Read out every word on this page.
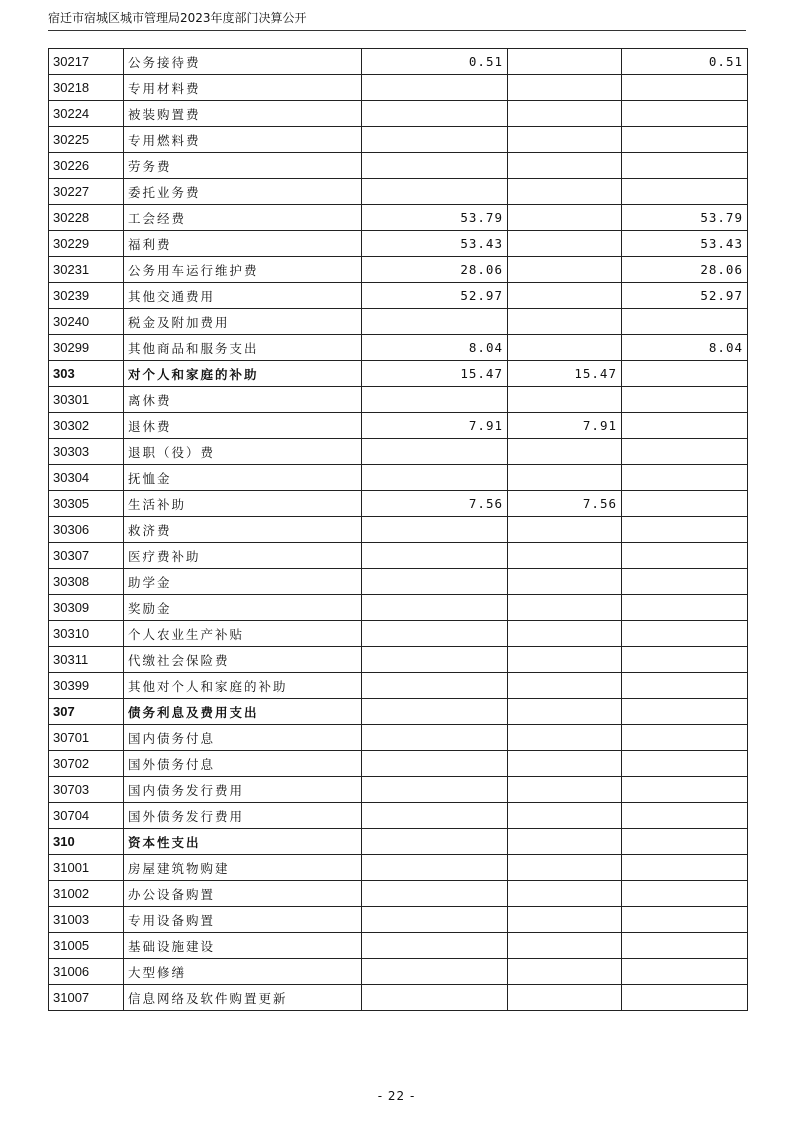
宿迁市宿城区城市管理局2023年度部门决算公开
30217	公务接待费	0.51		0.51
30218	专用材料费			
30224	被装购置费			
30225	专用燃料费			
30226	劳务费			
30227	委托业务费			
30228	工会经费	53.79		53.79
30229	福利费	53.43		53.43
30231	公务用车运行维护费	28.06		28.06
30239	其他交通费用	52.97		52.97
30240	税金及附加费用			
30299	其他商品和服务支出	8.04		8.04
303	对个人和家庭的补助	15.47	15.47	
30301	离休费			
30302	退休费	7.91	7.91	
30303	退职（役）费			
30304	抚恤金			
30305	生活补助	7.56	7.56	
30306	救济费			
30307	医疗费补助			
30308	助学金			
30309	奖励金			
30310	个人农业生产补贴			
30311	代缴社会保险费			
30399	其他对个人和家庭的补助			
307	债务利息及费用支出			
30701	国内债务付息			
30702	国外债务付息			
30703	国内债务发行费用			
30704	国外债务发行费用			
310	资本性支出			
31001	房屋建筑物购建			
31002	办公设备购置			
31003	专用设备购置			
31005	基础设施建设			
31006	大型修缮			
31007	信息网络及软件购置更新			
- 22 -
